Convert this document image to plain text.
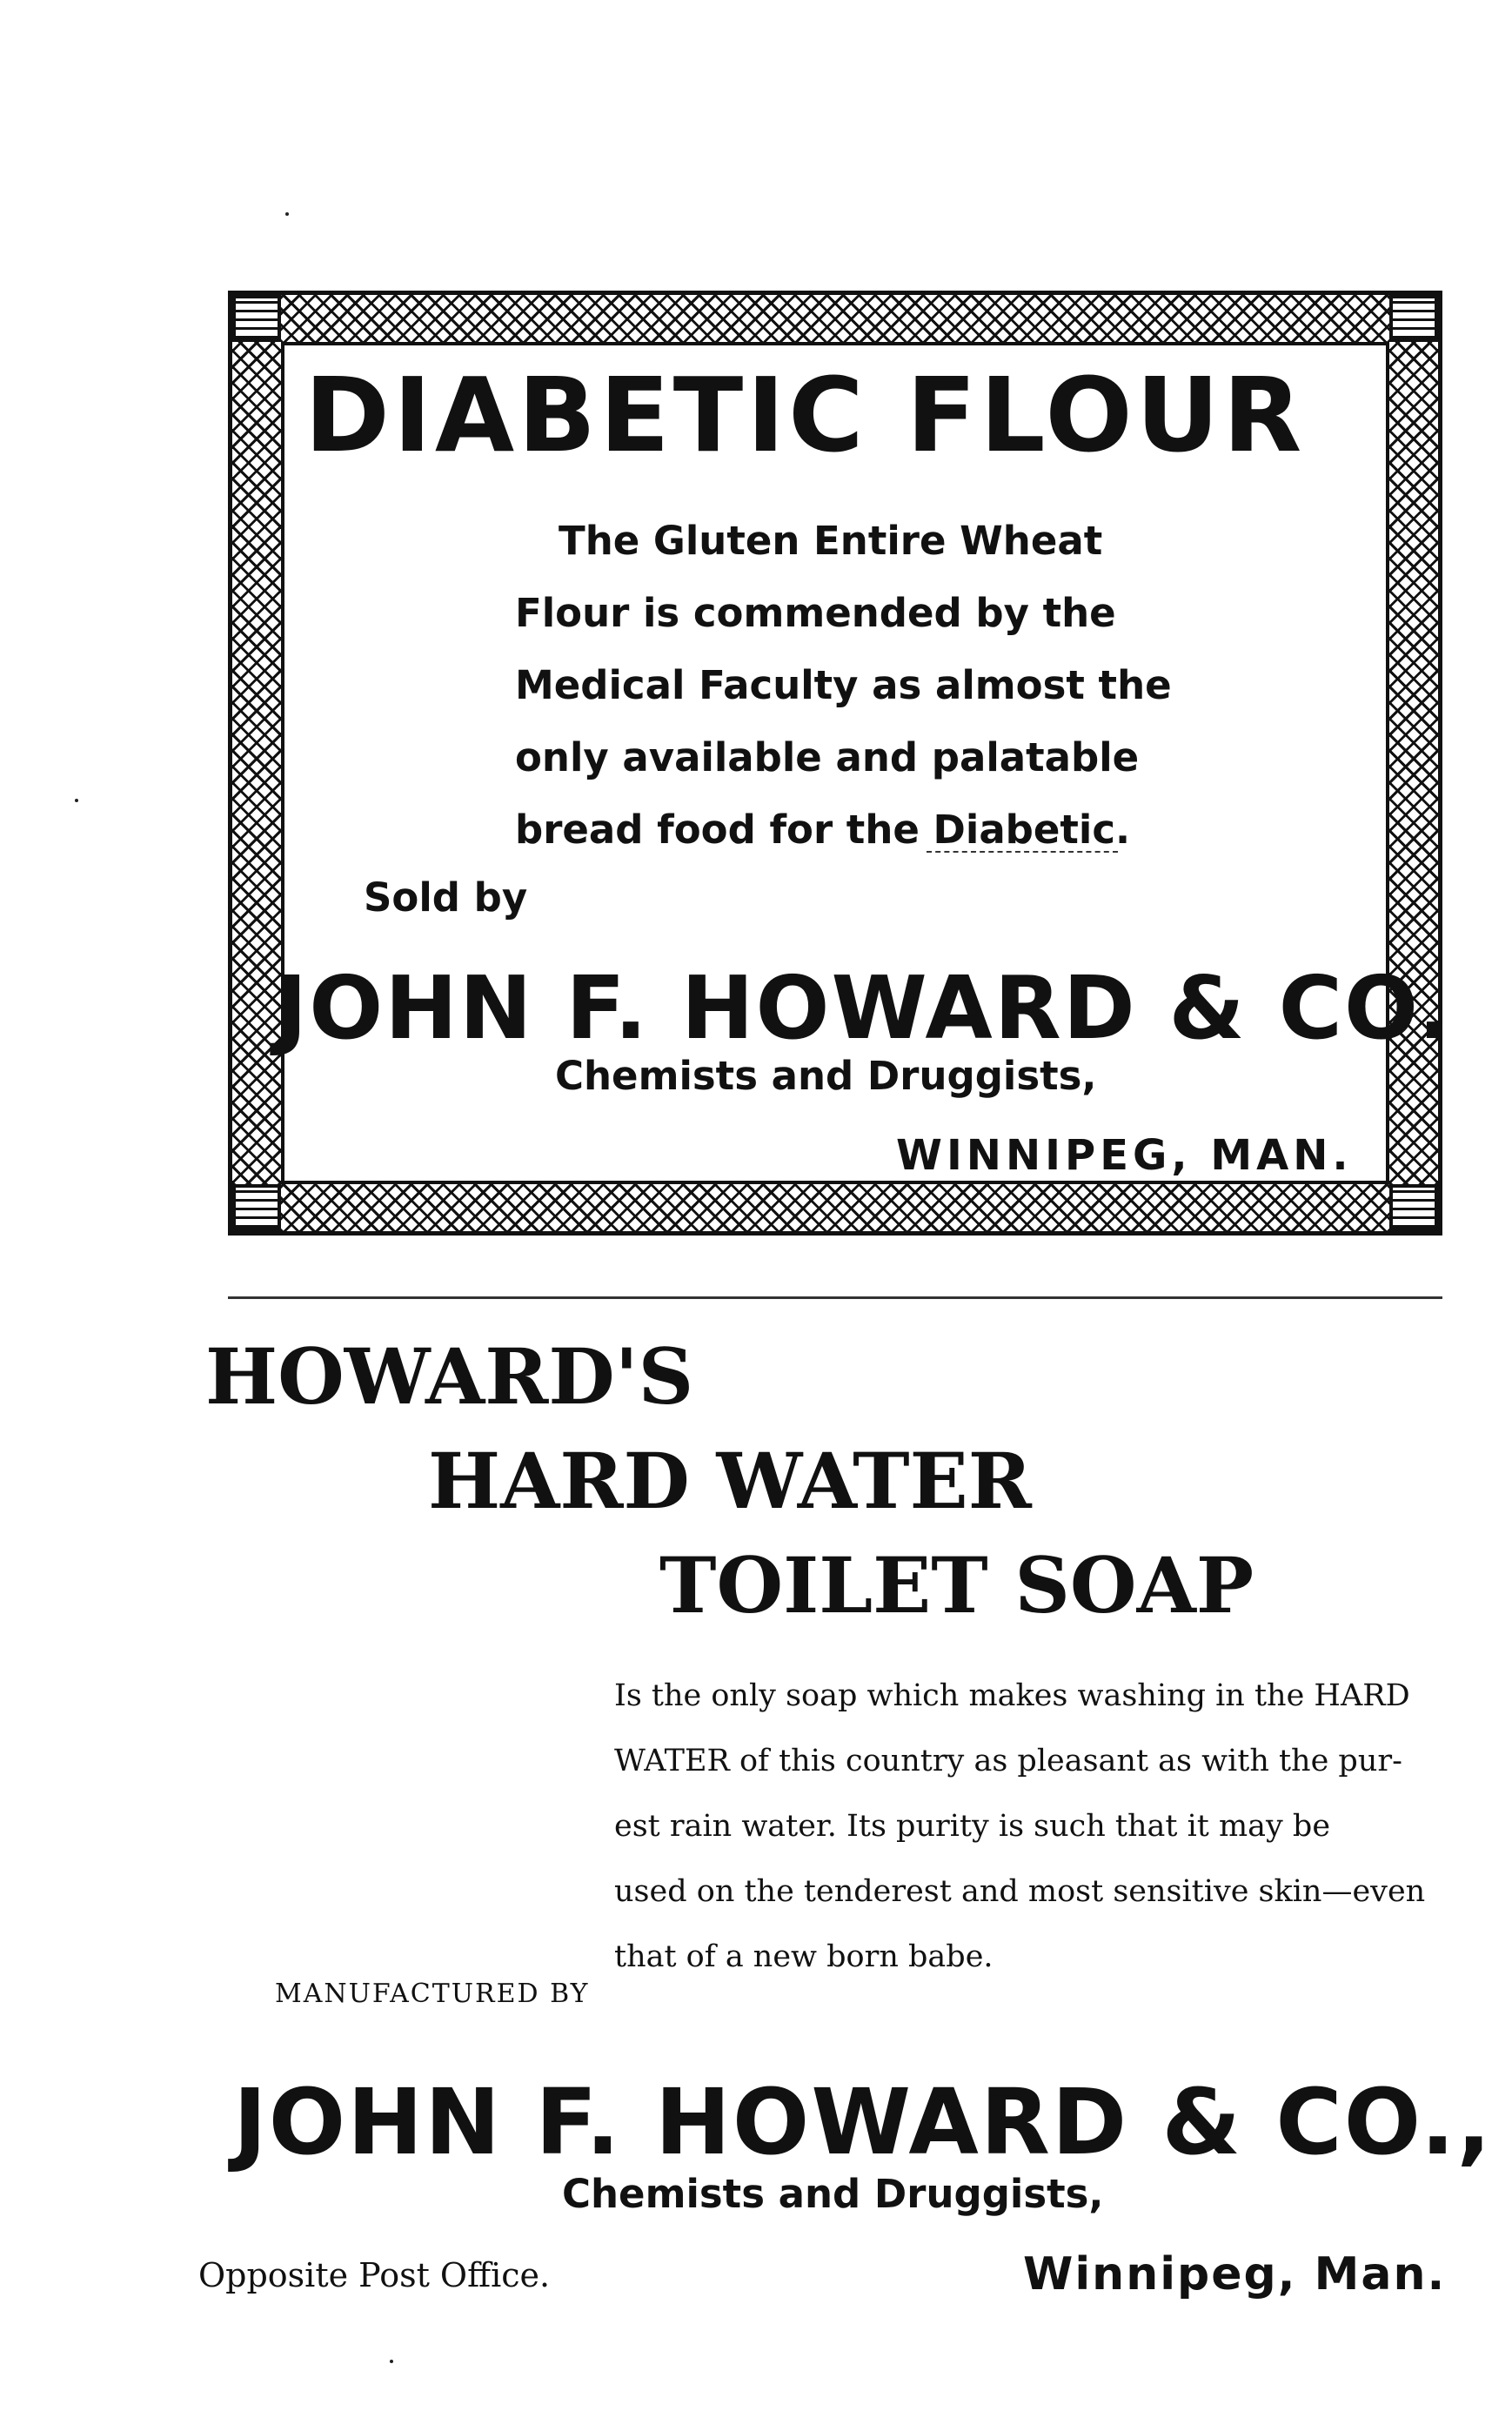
DIABETIC FLOUR
The Gluten Entire Wheat
Flour is commended by the
Medical Faculty as almost the
only available and palatable
bread food for the Diabetic.
Sold by
JOHN F. HOWARD & CO.
Chemists and Druggists,
WINNIPEG, MAN.
HOWARD'S
HARD WATER
TOILET SOAP
Is the only soap which makes washing in the HARD
WATER of this country as pleasant as with the pur-
est rain water. Its purity is such that it may be
used on the tenderest and most sensitive skin—even
that of a new born babe.
MANUFACTURED BY
JOHN F. HOWARD & CO.,
Chemists and Druggists,
Opposite Post Office.	Winnipeg, Man.
